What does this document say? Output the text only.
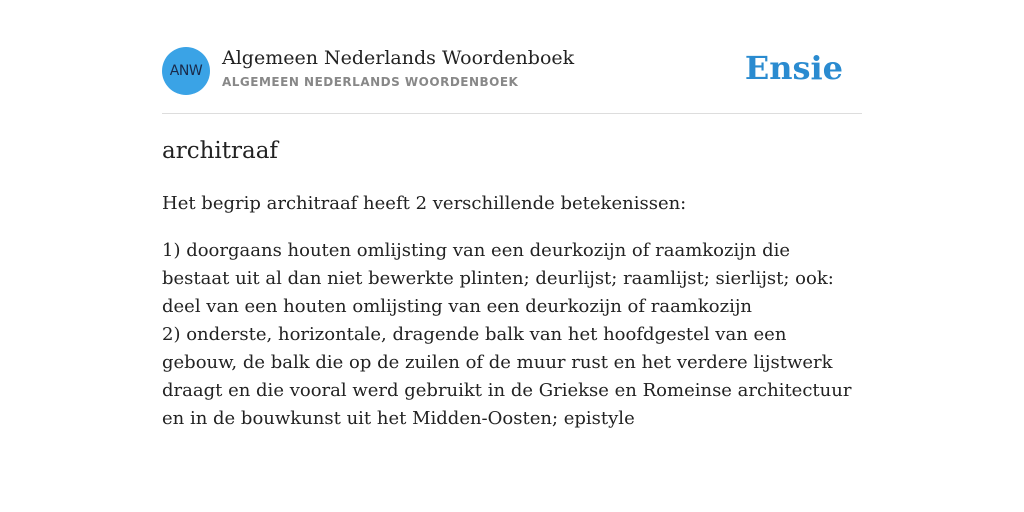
ANW
Algemeen Nederlands Woordenboek
ALGEMEEN NEDERLANDS WOORDENBOEK	Ensie
architraaf
Het begrip architraaf heeft 2 verschillende betekenissen:

1) doorgaans houten omlijsting van een deurkozijn of raamkozijn die bestaat uit al dan niet bewerkte plinten; deurlijst; raamlijst; sierlijst; ook: deel van een houten omlijsting van een deurkozijn of raamkozijn

2) onderste, horizontale, dragende balk van het hoofdgestel van een gebouw, de balk die op de zuilen of de muur rust en het verdere lijstwerk draagt en die vooral werd gebruikt in de Griekse en Romeinse architectuur en in de bouwkunst uit het Midden-Oosten; epistyle
